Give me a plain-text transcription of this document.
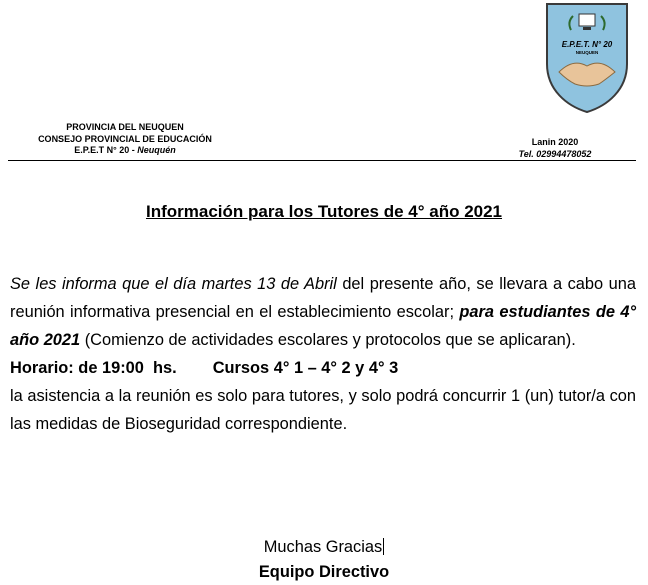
PROVINCIA DEL NEUQUEN
CONSEJO PROVINCIAL DE EDUCACIÓN
E.P.E.T N° 20 - Neuquén
Lanin 2020
Tel. 02994478052
E.P.E.T. N° 20
NEUQUEN
Información para los Tutores de 4° año 2021

Se les informa que el día martes 13 de Abril del presente año, se llevara a cabo una reunión informativa presencial en el establecimiento escolar; para estudiantes de 4° año 2021 (Comienzo de actividades escolares y protocolos que se aplicaran).

Horario: de 19:00  hs. Cursos 4° 1 – 4° 2 y 4° 3

la asistencia a la reunión es solo para tutores, y solo podrá concurrir 1 (un) tutor/a con las medidas de Bioseguridad correspondiente.

Muchas Gracias
Equipo Directivo
